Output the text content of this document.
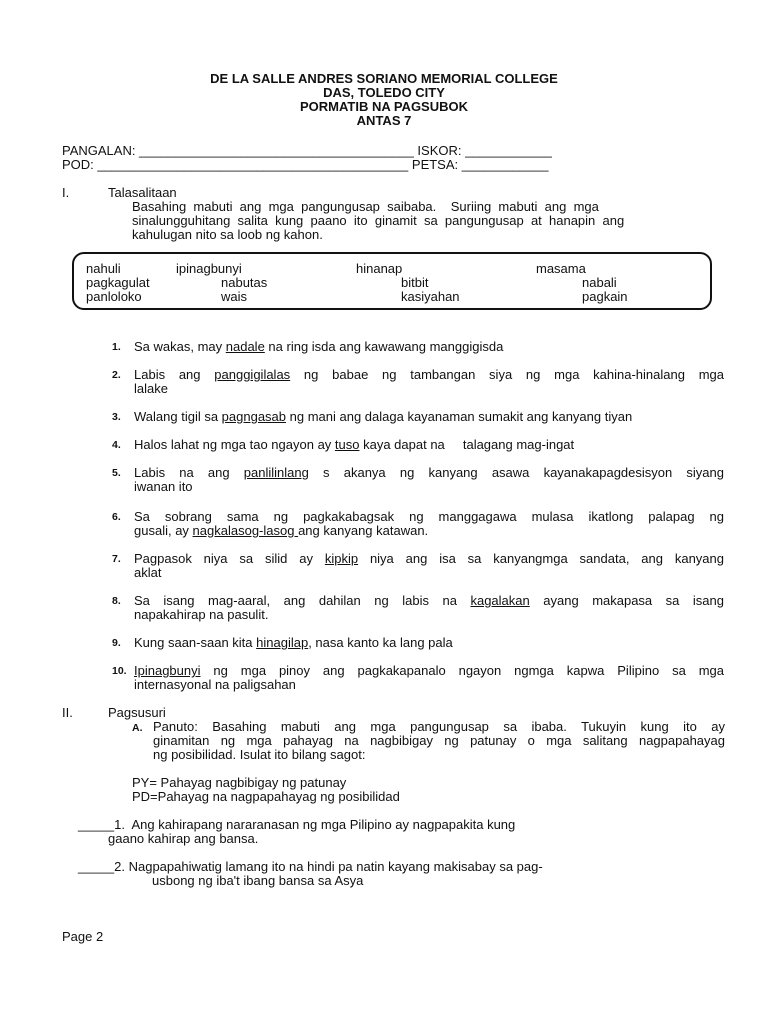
DE LA SALLE ANDRES SORIANO MEMORIAL COLLEGE
DAS, TOLEDO CITY
PORMATIB NA PAGSUBOK
ANTAS 7
PANGALAN: ______________________________________ ISKOR: ____________
POD: ___________________________________________ PETSA: ____________
I.	Talasalitaan
Basahing  mabuti  ang  mga  pangungusap  saibaba.    Suriing  mabuti  ang  mga
sinalungguhitang  salita  kung  paano  ito  ginamit  sa  pangungusap  at  hanapin  ang
kahulugan nito sa loob ng kahon.
nahuli	ipinagbunyi	hinanap	masama
pagkagulat	nabutas	bitbit	nabali
panloloko	wais	kasiyahan	pagkain
1. Sa wakas, may nadale na ring isda ang kawawang manggigisda

2. Labis ang panggigilalas ng babae ng tambangan siya ng mga kahina-hinalang mga

lalake

3. Walang tigil sa pagngasab ng mani ang dalaga kayanaman sumakit ang kanyang tiyan

4. Halos lahat ng mga tao ngayon ay tuso kaya dapat na     talagang mag-ingat

5. Labis na ang panlilinlang s akanya ng kanyang asawa kayanakapagdesisyon siyang

iwanan ito

6. Sa sobrang sama ng pagkakabagsak ng manggagawa mulasa ikatlong palapag ng

gusali, ay nagkalasog-lasog ang kanyang katawan.

7. Pagpasok niya sa silid ay kipkip niya ang isa sa kanyangmga sandata, ang kanyang

aklat

8. Sa isang mag-aaral, ang dahilan ng labis na kagalakan ayang makapasa sa isang

napakahirap na pasulit.

9. Kung saan-saan kita hinagilap, nasa kanto ka lang pala

10. Ipinagbunyi ng mga pinoy ang pagkakapanalo ngayon ngmga kapwa Pilipino sa mga

internasyonal na paligsahan

II.	Pagsusuri
A. Panuto: Basahing mabuti ang mga pangungusap sa ibaba. Tukuyin kung ito ay

ginamitan ng mga pahayag na nagbibigay ng patunay o mga salitang nagpapahayag

ng posibilidad. Isulat ito bilang sagot:

PY= Pahayag nagbibigay ng patunay
PD=Pahayag na nagpapahayag ng posibilidad
_____1.  Ang kahirapang nararanasan ng mga Pilipino ay nagpapakita kung
gaano kahirap ang bansa.
_____2. Nagpapahiwatig lamang ito na hindi pa natin kayang makisabay sa pag-
usbong ng iba't ibang bansa sa Asya
Page 2
